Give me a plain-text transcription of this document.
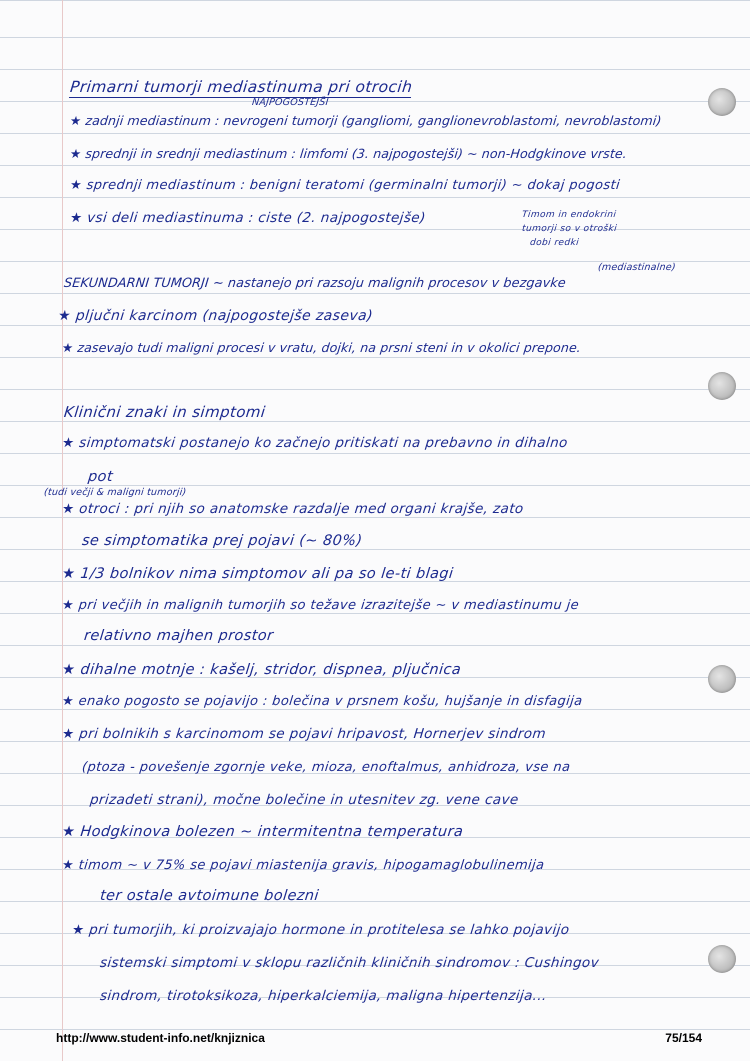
Primarni tumorji mediastinuma pri otrocih
NAJPOGOSTEJŠI
★ zadnji mediastinum : nevrogeni tumorji (gangliomi, ganglionevroblastomi, nevroblastomi)
★ sprednji in srednji mediastinum : limfomi (3. najpogostejši) ~ non-Hodgkinove vrste.
★ sprednji mediastinum : benigni teratomi (germinalni tumorji) ~ dokaj pogosti
★ vsi deli mediastinuma : ciste (2. najpogostejše)	Timom in endokrini
tumorji so v otroški
dobi redki
(mediastinalne)
SEKUNDARNI TUMORJI ~ nastanejo pri razsoju malignih procesov v bezgavke
★ pljučni karcinom (najpogostejše zaseva)
★ zasevajo tudi maligni procesi v vratu, dojki, na prsni steni in v okolici prepone.
Klinični znaki in simptomi
★ simptomatski postanejo ko začnejo pritiskati na prebavno in dihalno
pot
(tudi večji & maligni tumorji)
★ otroci : pri njih so anatomske razdalje med organi krajše, zato
se simptomatika prej pojavi (~ 80%)
★ 1/3 bolnikov nima simptomov ali pa so le-ti blagi
★ pri večjih in malignih tumorjih so težave izrazitejše ~ v mediastinumu je
relativno majhen prostor
★ dihalne motnje : kašelj, stridor, dispnea, pljučnica
★ enako pogosto se pojavijo : bolečina v prsnem košu, hujšanje in disfagija
★ pri bolnikih s karcinomom se pojavi hripavost, Hornerjev sindrom
(ptoza - povešenje zgornje veke, mioza, enoftalmus, anhidroza, vse na
prizadeti strani), močne bolečine in utesnitev zg. vene cave
★ Hodgkinova bolezen ~ intermitentna temperatura
★ timom ~ v 75% se pojavi miastenija gravis, hipogamaglobulinemija
ter ostale avtoimune bolezni
★ pri tumorjih, ki proizvajajo hormone in protitelesa se lahko pojavijo
sistemski simptomi v sklopu različnih kliničnih sindromov : Cushingov
sindrom, tirotoksikoza, hiperkalciemija, maligna hipertenzija...
http://www.student-info.net/knjiznica	75/154
